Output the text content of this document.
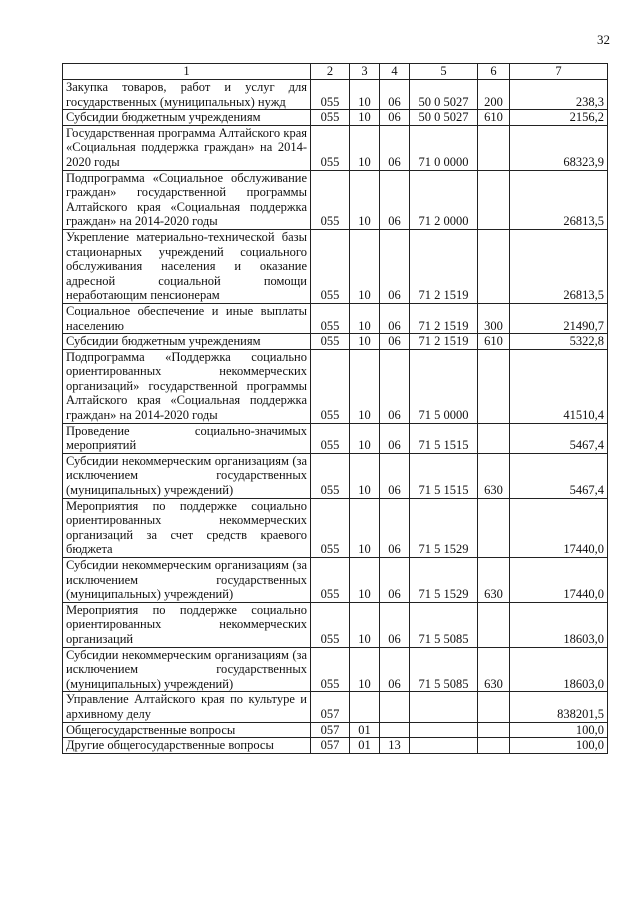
32
1	2	3	4	5	6	7
Закупка товаров, работ и услуг для государственных (муниципальных) нужд	055	10	06	50 0 5027	200	238,3
Субсидии бюджетным учреждениям	055	10	06	50 0 5027	610	2156,2
Государственная программа Алтайского края «Социальная поддержка граждан» на 2014-2020 годы	055	10	06	71 0 0000		68323,9
Подпрограмма «Социальное обслуживание граждан» государственной программы Алтайского края «Социальная поддержка граждан» на 2014-2020 годы	055	10	06	71 2 0000		26813,5
Укрепление материально-технической базы стационарных учреждений социального обслуживания населения и оказание адресной социальной помощи неработающим пенсионерам	055	10	06	71 2 1519		26813,5
Социальное обеспечение и иные выплаты населению	055	10	06	71 2 1519	300	21490,7
Субсидии бюджетным учреждениям	055	10	06	71 2 1519	610	5322,8
Подпрограмма «Поддержка социально ориентированных некоммерческих организаций» государственной программы Алтайского края «Социальная поддержка граждан» на 2014-2020 годы	055	10	06	71 5 0000		41510,4
Проведение социально-значимых мероприятий	055	10	06	71 5 1515		5467,4
Субсидии некоммерческим организациям (за исключением государственных (муниципальных) учреждений)	055	10	06	71 5 1515	630	5467,4
Мероприятия по поддержке социально ориентированных некоммерческих организаций за счет средств краевого бюджета	055	10	06	71 5 1529		17440,0
Субсидии некоммерческим организациям (за исключением государственных (муниципальных) учреждений)	055	10	06	71 5 1529	630	17440,0
Мероприятия по поддержке социально ориентированных некоммерческих организаций	055	10	06	71 5 5085		18603,0
Субсидии некоммерческим организациям (за исключением государственных (муниципальных) учреждений)	055	10	06	71 5 5085	630	18603,0
Управление Алтайского края по культуре и архивному делу	057					838201,5
Общегосударственные вопросы	057	01				100,0
Другие общегосударственные вопросы	057	01	13			100,0
